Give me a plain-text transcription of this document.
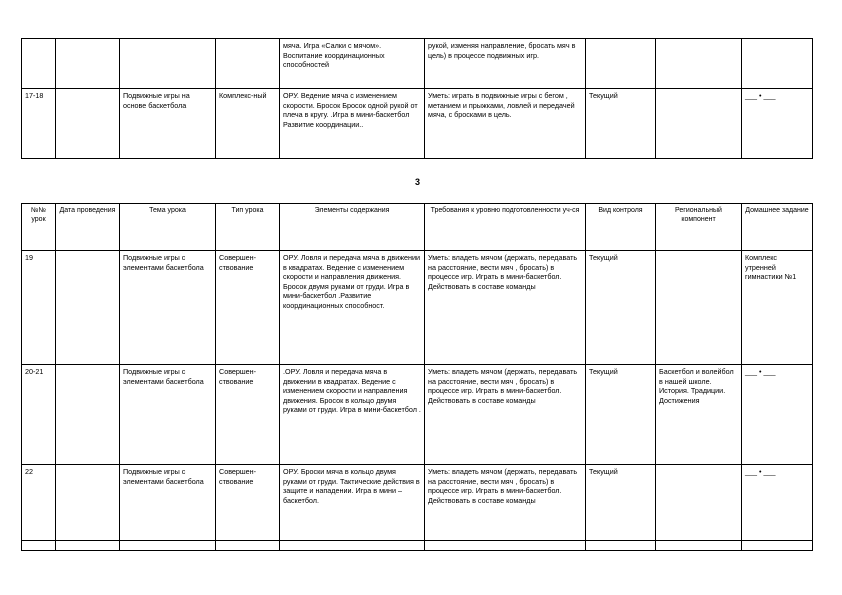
				мяча. Игра «Салки с мячом». Воспитание координационных способностей	рукой, изменяя направление, бросать мяч в цель) в процессе подвижных игр.			
17-18		Подвижные игры на основе баскетбола	Комплекс-ный	ОРУ. Ведение мяча с изменением скорости. Бросок Бросок одной рукой от плеча в кругу. .Игра в мини-баскетбол Развитие координации..	Уметь: играть в подвижные игры с бегом , метанием и прыжками, ловлей и передачей мяча, с бросками в цель.	Текущий		___ • ___
3
№№ урок	Дата проведения	Тема урока	Тип урока	Элементы содержания	Требования к уровню подготовленности уч-ся	Вид контроля	Региональный компонент	Домашнее задание
19		Подвижные игры с элементами баскетбола	Совершен-ствование	ОРУ. Ловля и передача мяча в движении в квадратах. Ведение с изменением скорости и направления движения. Бросок двумя руками от груди. Игра в мини-баскетбол .Развитие координационных способност.	Уметь: владеть мячом (держать, передавать на расстояние, вести мяч , бросать) в процессе игр. Играть в мини-баскетбол. Действовать в составе команды	Текущий		Комплекс утренней гимнастики №1
20-21		Подвижные игры с элементами баскетбола	Совершен-ствование	.ОРУ. Ловля и передача мяча в движении в квадратах. Ведение с изменением скорости и направления движения. Бросок в кольцо двумя руками от груди. Игра в мини-баскетбол .	Уметь: владеть мячом (держать, передавать на расстояние, вести мяч , бросать) в процессе игр. Играть в мини-баскетбол. Действовать в составе команды	Текущий	Баскетбол и волейбол в нашей школе. История. Традиции. Достижения	___ • ___
22		Подвижные игры с элементами баскетбола	Совершен-ствование	ОРУ. Броски мяча в кольцо двумя руками от груди. Тактические действия в защите и нападении. Игра в мини – баскетбол.	Уметь: владеть мячом (держать, передавать на расстояние, вести мяч , бросать) в процессе игр. Играть в мини-баскетбол. Действовать в составе команды	Текущий		___ • ___
